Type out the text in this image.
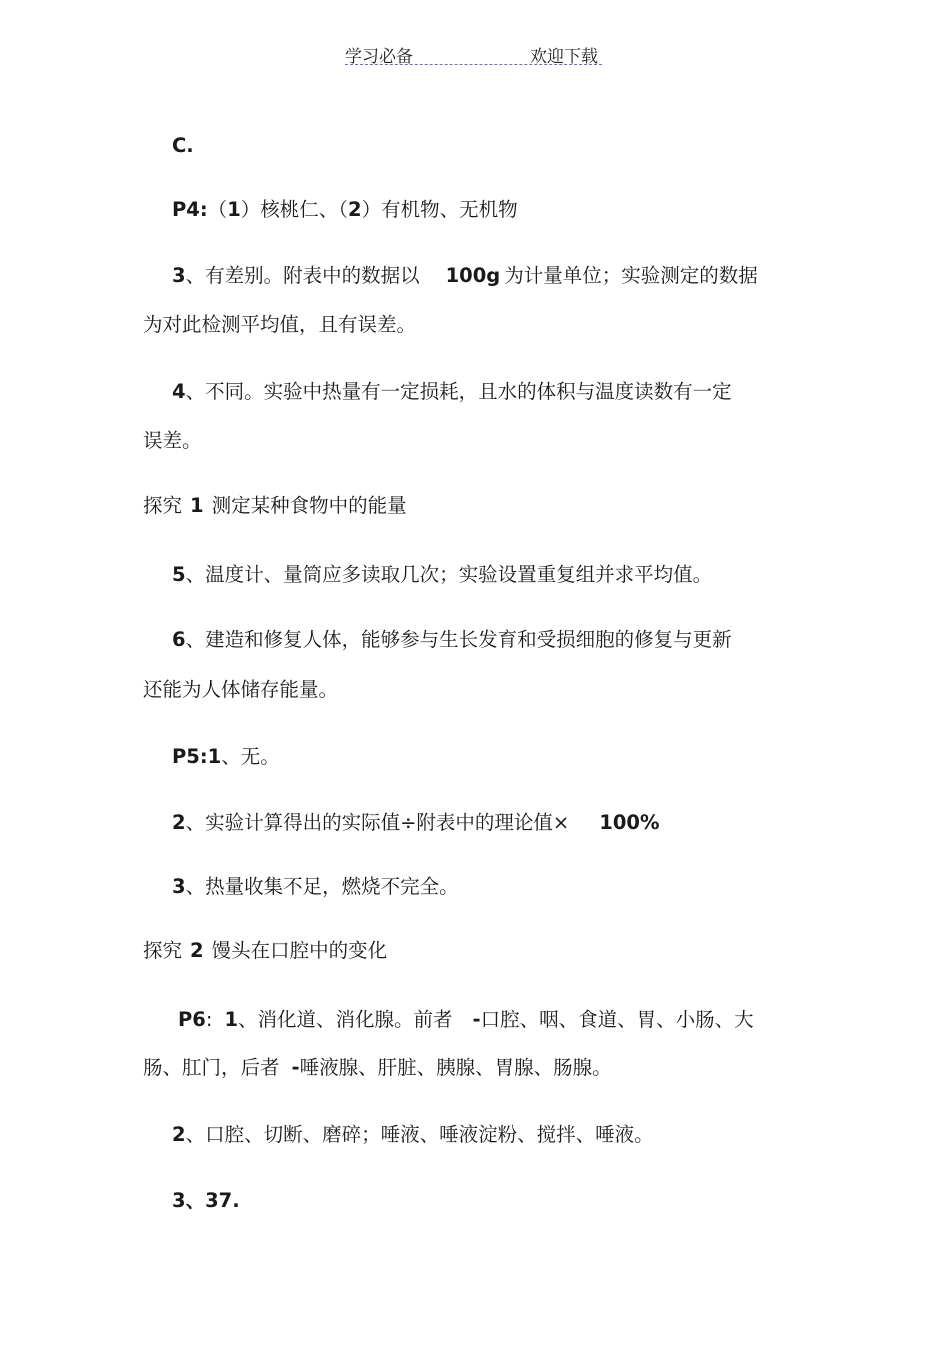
学习必备	欢迎下载
C.
P4:（1）核桃仁、（2）有机物、无机物
3、有差别。附表中的数据以 100g 为计量单位；实验测定的数据
为对此检测平均值，且有误差。
4、不同。实验中热量有一定损耗，且水的体积与温度读数有一定
误差。
探究 1 测定某种食物中的能量
5、温度计、量筒应多读取几次；实验设置重复组并求平均值。
6、建造和修复人体，能够参与生长发育和受损细胞的修复与更新
还能为人体储存能量。
P5:1、无。
2、实验计算得出的实际值÷附表中的理论值× 100%
3、热量收集不足，燃烧不完全。
探究 2 馒头在口腔中的变化
P6: 1、消化道、消化腺。前者 -口腔、咽、食道、胃、小肠、大
肠、肛门，后者 -唾液腺、肝脏、胰腺、胃腺、肠腺。
2、口腔、切断、磨碎；唾液、唾液淀粉、搅拌、唾液。
3、37.
